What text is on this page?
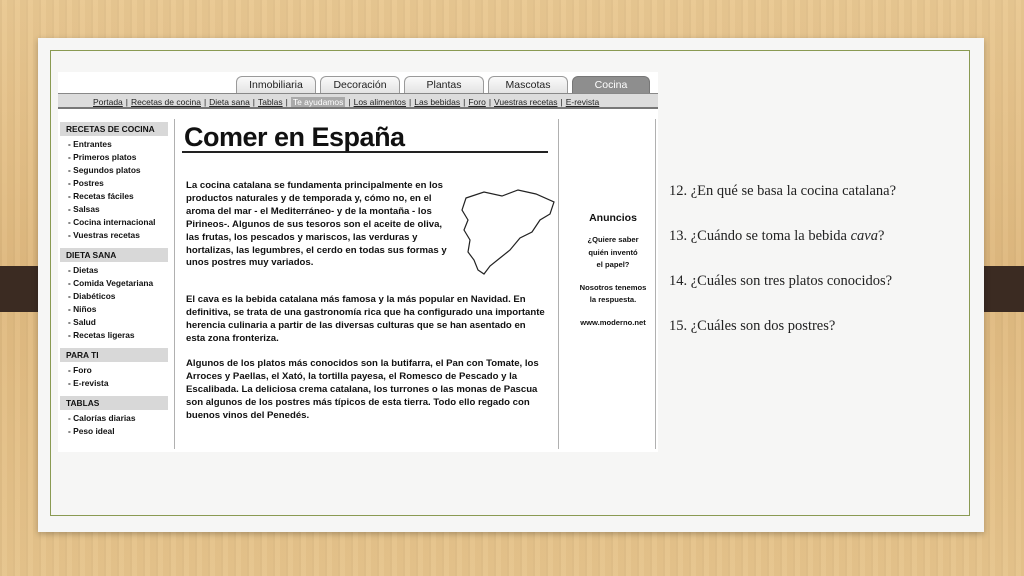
Inmobiliaria	Decoración	Plantas	Mascotas	Cocina
Portada | Recetas de cocina | Dieta sana | Tablas | Te ayudamos | Los alimentos | Las bebidas | Foro | Vuestras recetas | E-revista
RECETAS DE COCINA
- Entrantes
- Primeros platos
- Segundos platos
- Postres
- Recetas fáciles
- Salsas
- Cocina internacional
- Vuestras recetas
DIETA SANA
- Dietas
- Comida Vegetariana
- Diabéticos
- Niños
- Salud
- Recetas ligeras
PARA TI
- Foro
- E-revista
TABLAS
- Calorías diarias
- Peso ideal
Comer en España

La cocina catalana se fundamenta principalmente en los productos naturales y de temporada y, cómo no, en el aroma del mar - el Mediterráneo- y de la montaña - los Pirineos-. Algunos de sus tesoros son el aceite de oliva, las frutas, los pescados y mariscos, las verduras y hortalizas, las legumbres, el cerdo en todas sus formas y unos postres muy variados.

El cava es la bebida catalana más famosa y la más popular en Navidad. En definitiva, se trata de una gastronomía rica que ha configurado una importante herencia culinaria a partir de las diversas culturas que se han asentado en esta zona fronteriza.

Algunos de los platos más conocidos son la butifarra, el Pan con Tomate, los Arroces y Paellas, el Xató, la tortilla payesa, el Romesco de Pescado y la Escalibada. La deliciosa crema catalana, los turrones o las monas de Pascua son algunos de los postres más típicos de esta tierra. Todo ello regado con buenos vinos del Penedés.

Anuncios
¿Quiere saber
quién inventó
el papel?
Nosotros tenemos
la respuesta.
www.moderno.net
12. ¿En qué se basa la cocina catalana?
13. ¿Cuándo se toma la bebida cava?
14. ¿Cuáles son tres platos conocidos?
15. ¿Cuáles son dos postres?
